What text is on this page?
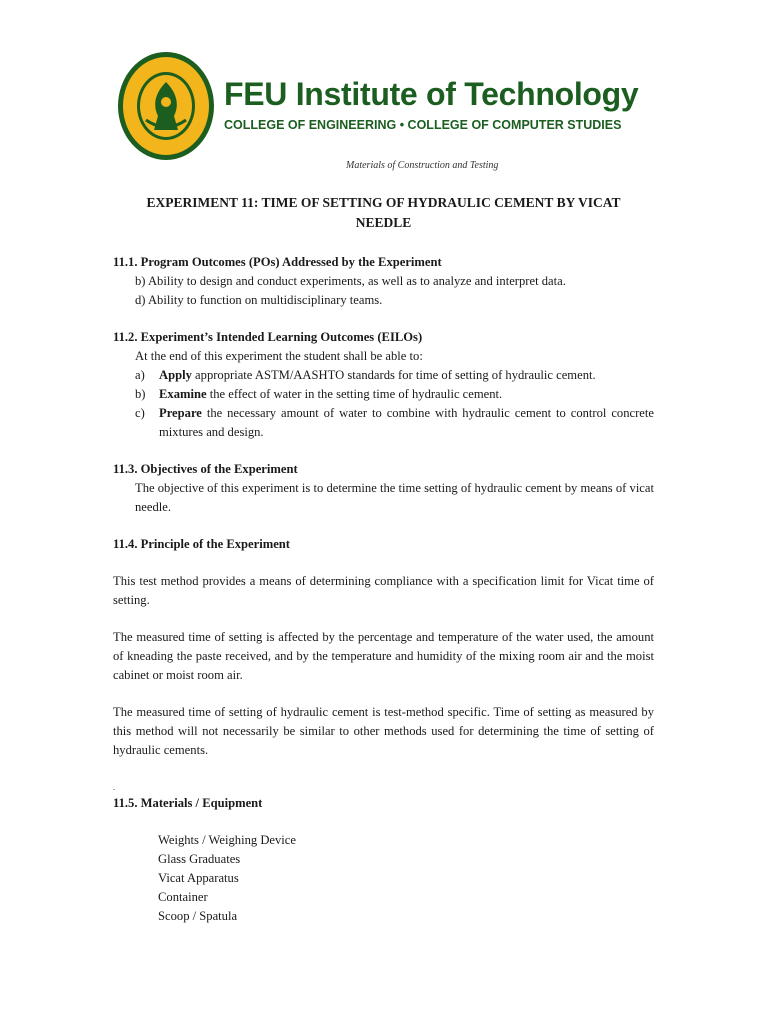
FEU Institute of Technology
COLLEGE OF ENGINEERING • COLLEGE OF COMPUTER STUDIES
Materials of Construction and Testing
EXPERIMENT 11: TIME OF SETTING OF HYDRAULIC CEMENT BY VICAT NEEDLE
11.1. Program Outcomes (POs) Addressed by the Experiment
b) Ability to design and conduct experiments, as well as to analyze and interpret data.
d) Ability to function on multidisciplinary teams.
11.2. Experiment’s Intended Learning Outcomes (EILOs)
At the end of this experiment the student shall be able to:
a)	Apply appropriate ASTM/AASHTO standards for time of setting of hydraulic cement.
b)	Examine the effect of water in the setting time of hydraulic cement.
c)	Prepare the necessary amount of water to combine with hydraulic cement to control concrete mixtures and design.
11.3. Objectives of the Experiment
The objective of this experiment is to determine the time setting of hydraulic cement by means of vicat needle.
11.4. Principle of the Experiment
This test method provides a means of determining compliance with a specification limit for Vicat time of setting.
The measured time of setting is affected by the percentage and temperature of the water used, the amount of kneading the paste received, and by the temperature and humidity of the mixing room air and the moist cabinet or moist room air.
The measured time of setting of hydraulic cement is test-method specific. Time of setting as measured by this method will not necessarily be similar to other methods used for determining the time of setting of hydraulic cements.
.
11.5. Materials / Equipment
Weights / Weighing Device
Glass Graduates
Vicat Apparatus
Container
Scoop / Spatula
